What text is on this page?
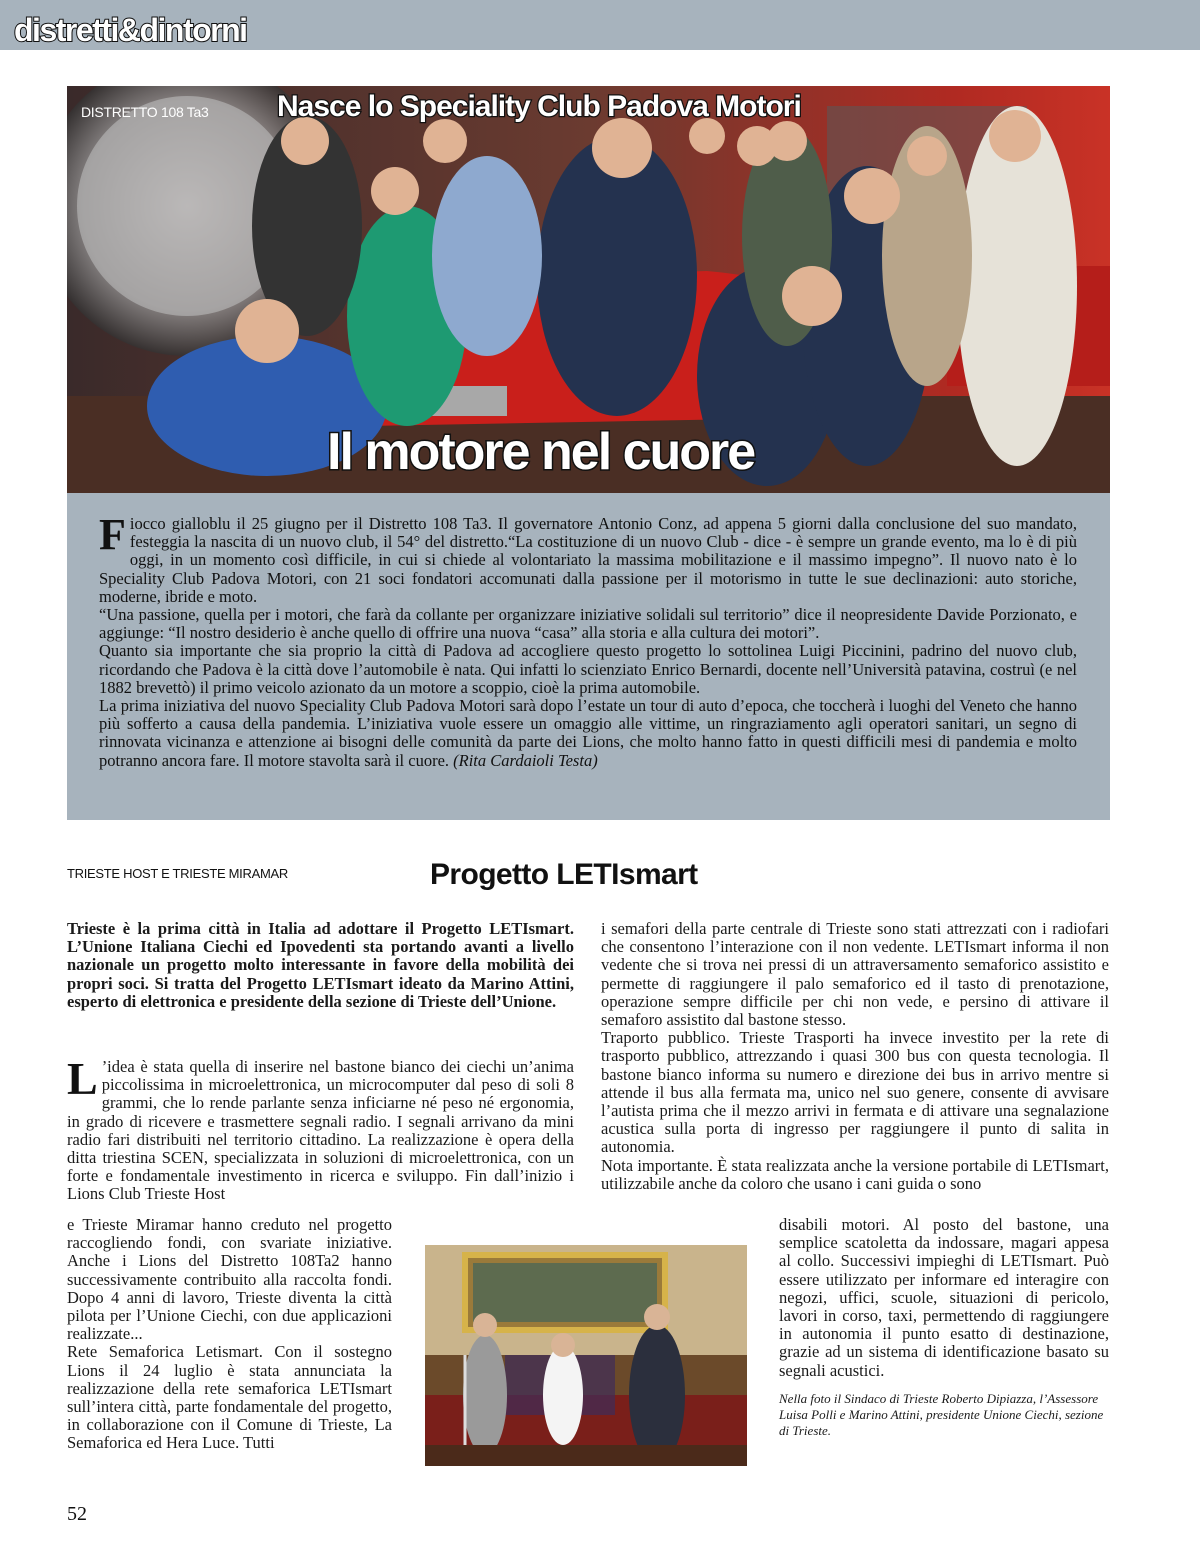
distretti&dintorni
DISTRETTO 108 Ta3 Nasce lo Speciality Club Padova Motori
Il motore nel cuore

Fiocco gialloblu il 25 giugno per il Distretto 108 Ta3. Il governatore Antonio Conz, ad appena 5 giorni dalla conclusione del suo mandato, festeggia la nascita di un nuovo club, il 54° del distretto.“La costituzione di un nuovo Club - dice - è sempre un grande evento, ma lo è di più oggi, in un momento così difficile, in cui si chiede al volontariato la massima mobilitazione e il massimo impegno”. Il nuovo nato è lo Speciality Club Padova Motori, con 21 soci fondatori accomunati dalla passione per il motorismo in tutte le sue declinazioni: auto storiche, moderne, ibride e moto.

“Una passione, quella per i motori, che farà da collante per organizzare iniziative solidali sul territorio” dice il neopresidente Davide Porzionato, e aggiunge: “Il nostro desiderio è anche quello di offrire una nuova “casa” alla storia e alla cultura dei motori”.

Quanto sia importante che sia proprio la città di Padova ad accogliere questo progetto lo sottolinea Luigi Piccinini, padrino del nuovo club, ricordando che Padova è la città dove l’automobile è nata. Qui infatti lo scienziato Enrico Bernardi, docente nell’Università patavina, costruì (e nel 1882 brevettò) il primo veicolo azionato da un motore a scoppio, cioè la prima automobile.

La prima iniziativa del nuovo Speciality Club Padova Motori sarà dopo l’estate un tour di auto d’epoca, che toccherà i luoghi del Veneto che hanno più sofferto a causa della pandemia. L’iniziativa vuole essere un omaggio alle vittime, un ringraziamento agli operatori sanitari, un segno di rinnovata vicinanza e attenzione ai bisogni delle comunità da parte dei Lions, che molto hanno fatto in questi difficili mesi di pandemia e molto potranno ancora fare. Il motore stavolta sarà il cuore. (Rita Cardaioli Testa)

TRIESTE HOST E TRIESTE MIRAMAR	Progetto LETIsmart
Trieste è la prima città in Italia ad adottare il Progetto LETIsmart. L’Unione Italiana Ciechi ed Ipovedenti sta portando avanti a livello nazionale un progetto molto interessante in favore della mobilità dei propri soci. Si tratta del Progetto LETIsmart ideato da Marino Attini, esperto di elettronica e presidente della sezione di Trieste dell’Unione.
L ’idea è stata quella di inserire nel bastone bianco dei ciechi un’anima piccolissima in microelettronica, un microcomputer dal peso di soli 8 grammi, che lo rende parlante senza inficiarne né peso né ergonomia, in grado di ricevere e trasmettere segnali radio. I segnali arrivano da mini radio fari distribuiti nel territorio cittadino. La realizzazione è opera della ditta triestina SCEN, specializzata in soluzioni di microelettronica, con un forte e fondamentale investimento in ricerca e sviluppo. Fin dall’inizio i Lions Club Trieste Host

e Trieste Miramar hanno creduto nel progetto raccogliendo fondi, con svariate iniziative. Anche i Lions del Distretto 108Ta2 hanno successivamente contribuito alla raccolta fondi. Dopo 4 anni di lavoro, Trieste diventa la città pilota per l’Unione Ciechi, con due applicazioni realizzate...

Rete Semaforica Letismart. Con il sostegno Lions il 24 luglio è stata annunciata la realizzazione della rete semaforica LETIsmart sull’intera città, parte fondamentale del progetto, in collaborazione con il Comune di Trieste, La Semaforica ed Hera Luce. Tutti

i semafori della parte centrale di Trieste sono stati attrezzati con i radiofari che consentono l’interazione con il non vedente. LETIsmart informa il non vedente che si trova nei pressi di un attraversamento semaforico assistito e permette di raggiungere il palo semaforico ed il tasto di prenotazione, operazione sempre difficile per chi non vede, e persino di attivare il semaforo assistito dal bastone stesso.

Traporto pubblico. Trieste Trasporti ha invece investito per la rete di trasporto pubblico, attrezzando i quasi 300 bus con questa tecnologia. Il bastone bianco informa su numero e direzione dei bus in arrivo mentre si attende il bus alla fermata ma, unico nel suo genere, consente di avvisare l’autista prima che il mezzo arrivi in fermata e di attivare una segnalazione acustica sulla porta di ingresso per raggiungere il punto di salita in autonomia.

Nota importante. È stata realizzata anche la versione portabile di LETIsmart, utilizzabile anche da coloro che usano i cani guida o sono

disabili motori. Al posto del bastone, una semplice scatoletta da indossare, magari appesa al collo. Successivi impieghi di LETIsmart. Può essere utilizzato per informare ed interagire con negozi, uffici, scuole, situazioni di pericolo, lavori in corso, taxi, permettendo di raggiungere in autonomia il punto esatto di destinazione, grazie ad un sistema di identificazione basato su segnali acustici.
Nella foto il Sindaco di Trieste Roberto Dipiazza, l’Assessore Luisa Polli e Marino Attini, presidente Unione Ciechi, sezione di Trieste.
52
